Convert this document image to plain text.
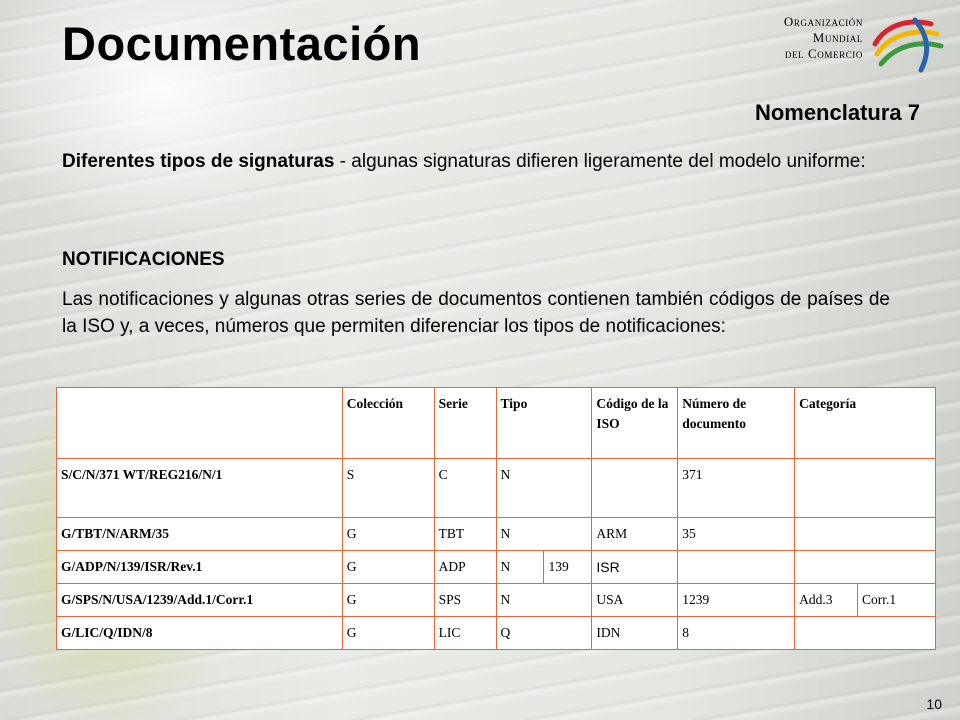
Documentación	Organización
Mundial
del Comercio
Nomenclatura 7

Diferentes tipos de signaturas - algunas signaturas difieren ligeramente del modelo uniforme:

NOTIFICACIONES

Las notificaciones y algunas otras series de documentos contienen también códigos de países de la ISO y, a veces, números que permiten diferenciar los tipos de notificaciones:

	Colección	Serie	Tipo		Código de la ISO	Número de documento	Categoría	
S/C/N/371 WT/REG216/N/1	S	C	N			371		
G/TBT/N/ARM/35	G	TBT	N		ARM	35		
G/ADP/N/139/ISR/Rev.1	G	ADP	N	139	ISR			
G/SPS/N/USA/1239/Add.1/Corr.1	G	SPS	N		USA	1239	Add.3	Corr.1
G/LIC/Q/IDN/8	G	LIC	Q		IDN	8		
10
